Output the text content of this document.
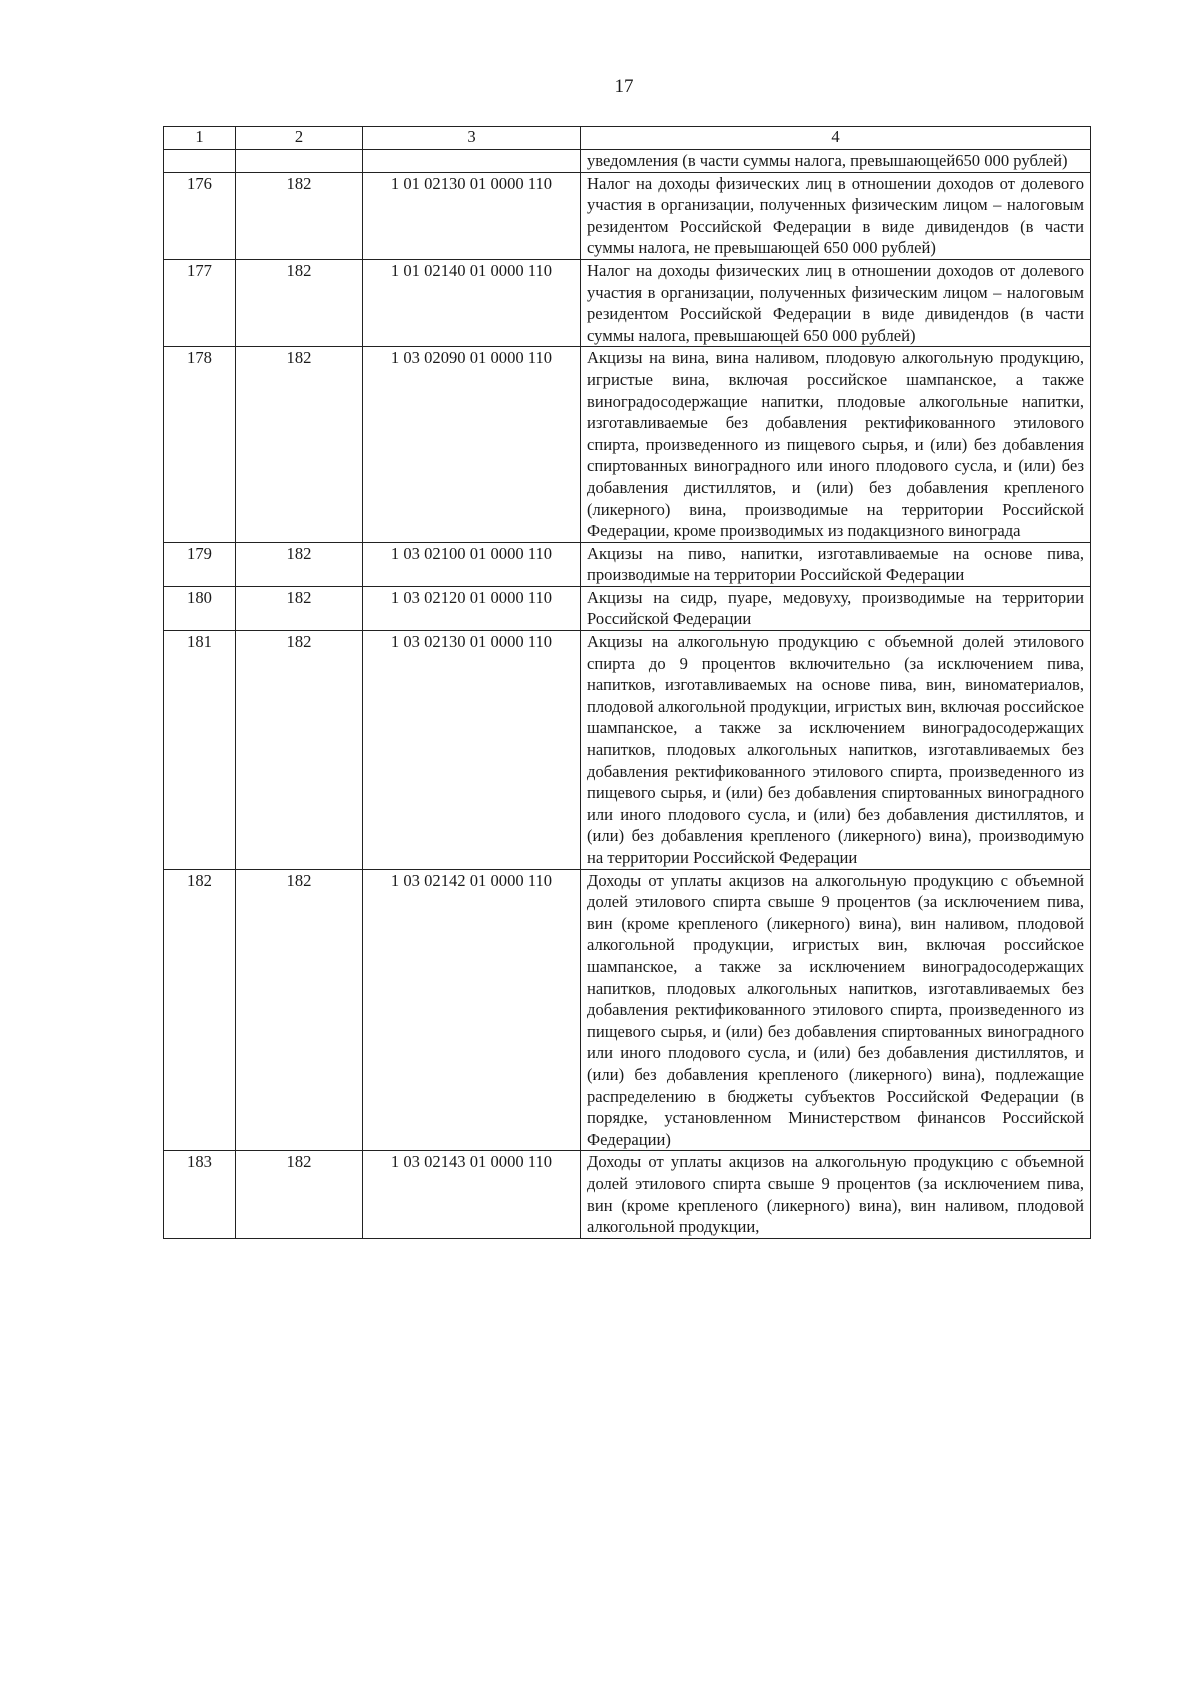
17
1	2	3	4
			уведомления (в части суммы налога, превышающей650 000 рублей)
176	182	1 01 02130 01 0000 110	Налог на доходы физических лиц в отношении доходов от долевого участия в организации, полученных физическим лицом – налоговым резидентом Российской Федерации в виде дивидендов (в части суммы налога, не превышающей 650 000 рублей)
177	182	1 01 02140 01 0000 110	Налог на доходы физических лиц в отношении доходов от долевого участия в организации, полученных физическим лицом – налоговым резидентом Российской Федерации в виде дивидендов (в части суммы налога, превышающей 650 000 рублей)
178	182	1 03 02090 01 0000 110	Акцизы на вина, вина наливом, плодовую алкогольную продукцию, игристые вина, включая российское шампанское, а также виноградосодержащие напитки, плодовые алкогольные напитки, изготавливаемые без добавления ректификованного этилового спирта, произведенного из пищевого сырья, и (или) без добавления спиртованных виноградного или иного плодового сусла, и (или) без добавления дистиллятов, и (или) без добавления крепленого (ликерного) вина, производимые на территории Российской Федерации, кроме производимых из подакцизного винограда
179	182	1 03 02100 01 0000 110	Акцизы на пиво, напитки, изготавливаемые на основе пива, производимые на территории Российской Федерации
180	182	1 03 02120 01 0000 110	Акцизы на сидр, пуаре, медовуху, производимые на территории Российской Федерации
181	182	1 03 02130 01 0000 110	Акцизы на алкогольную продукцию с объемной долей этилового спирта до 9 процентов включительно (за исключением пива, напитков, изготавливаемых на основе пива, вин, виноматериалов, плодовой алкогольной продукции, игристых вин, включая российское шампанское, а также за исключением виноградосодержащих напитков, плодовых алкогольных напитков, изготавливаемых без добавления ректификованного этилового спирта, произведенного из пищевого сырья, и (или) без добавления спиртованных виноградного или иного плодового сусла, и (или) без добавления дистиллятов, и (или) без добавления крепленого (ликерного) вина), производимую на территории Российской Федерации
182	182	1 03 02142 01 0000 110	Доходы от уплаты акцизов на алкогольную продукцию с объемной долей этилового спирта свыше 9 процентов (за исключением пива, вин (кроме крепленого (ликерного) вина), вин наливом, плодовой алкогольной продукции, игристых вин, включая российское шампанское, а также за исключением виноградосодержащих напитков, плодовых алкогольных напитков, изготавливаемых без добавления ректификованного этилового спирта, произведенного из пищевого сырья, и (или) без добавления спиртованных виноградного или иного плодового сусла, и (или) без добавления дистиллятов, и (или) без добавления крепленого (ликерного) вина), подлежащие распределению в бюджеты субъектов Российской Федерации (в порядке, установленном Министерством финансов Российской Федерации)
183	182	1 03 02143 01 0000 110	Доходы от уплаты акцизов на алкогольную продукцию с объемной долей этилового спирта свыше 9 процентов (за исключением пива, вин (кроме крепленого (ликерного) вина), вин наливом, плодовой алкогольной продукции,
